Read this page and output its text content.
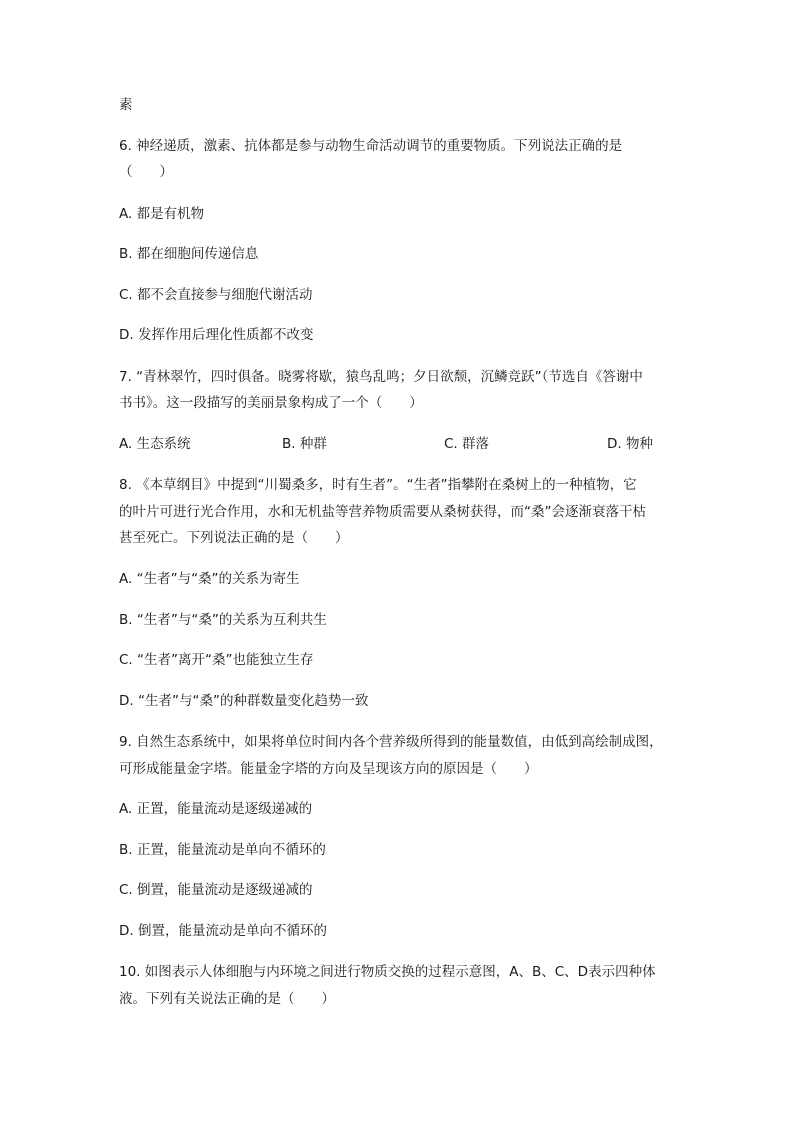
素
6. 神经递质，激素、抗体都是参与动物生命活动调节的重要物质。下列说法正确的是
（　　）
A. 都是有机物
B. 都在细胞间传递信息
C. 都不会直接参与细胞代谢活动
D. 发挥作用后理化性质都不改变
7. “青林翠竹，四时俱备。晓雾将歇，猿鸟乱鸣；夕日欲颓，沉鳞竞跃”（节选自《答谢中
书书》。这一段描写的美丽景象构成了一个（　　）
A. 生态系统	B. 种群	C. 群落	D. 物种
8. 《本草纲目》中提到“川蜀桑多，时有生者”。“生者”指攀附在桑树上的一种植物，它
的叶片可进行光合作用，水和无机盐等营养物质需要从桑树获得，而“桑”会逐渐衰落干枯
甚至死亡。下列说法正确的是（　　）
A. “生者”与“桑”的关系为寄生
B. “生者”与“桑”的关系为互利共生
C. “生者”离开“桑”也能独立生存
D. “生者”与“桑”的种群数量变化趋势一致
9. 自然生态系统中，如果将单位时间内各个营养级所得到的能量数值，由低到高绘制成图，
可形成能量金字塔。能量金字塔的方向及呈现该方向的原因是（　　）
A. 正置，能量流动是逐级递减的
B. 正置，能量流动是单向不循环的
C. 倒置，能量流动是逐级递减的
D. 倒置，能量流动是单向不循环的
10. 如图表示人体细胞与内环境之间进行物质交换的过程示意图，A、B、C、D表示四种体
液。下列有关说法正确的是（　　）
